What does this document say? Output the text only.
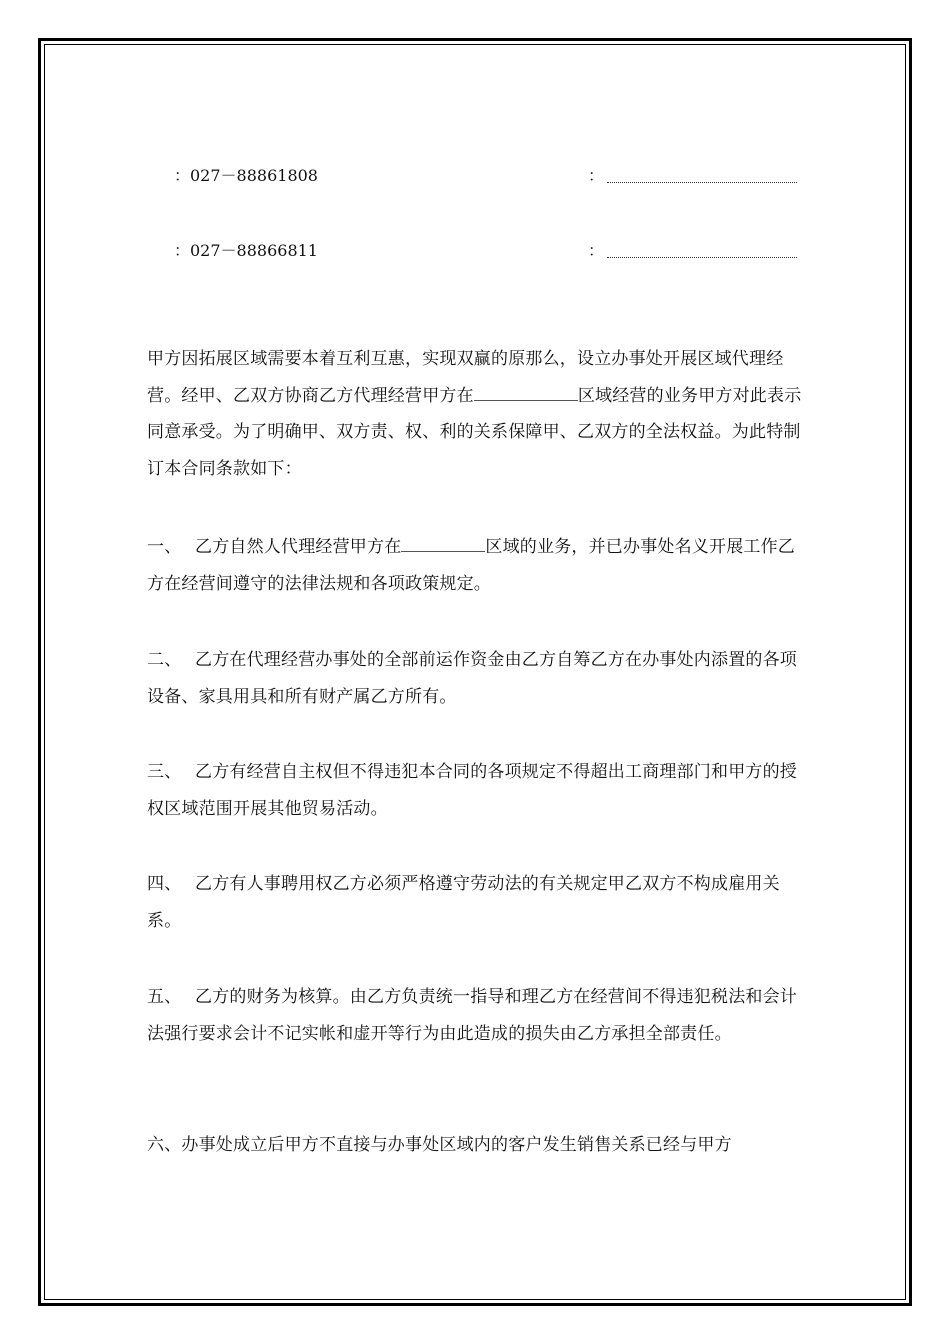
：027－88861808	：
：027－88866811	：
甲方因拓展区域需要本着互利互惠，实现双赢的原那么，设立办事处开展区域代理经营。经甲、乙双方协商乙方代理经营甲方在	区域经营的业务甲方对此表示同意承受。为了明确甲、双方责、权、利的关系保障甲、乙双方的全法权益。为此特制订本合同条款如下：
一、 乙方自然人代理经营甲方在	区域的业务，并已办事处名义开展工作乙方在经营间遵守的法律法规和各项政策规定。
二、 乙方在代理经营办事处的全部前运作资金由乙方自筹乙方在办事处内添置的各项设备、家具用具和所有财产属乙方所有。
三、 乙方有经营自主权但不得违犯本合同的各项规定不得超出工商理部门和甲方的授权区域范围开展其他贸易活动。
四、 乙方有人事聘用权乙方必须严格遵守劳动法的有关规定甲乙双方不构成雇用关系。
五、 乙方的财务为核算。由乙方负责统一指导和理乙方在经营间不得违犯税法和会计法强行要求会计不记实帐和虚开等行为由此造成的损失由乙方承担全部责任。
六、办事处成立后甲方不直接与办事处区域内的客户发生销售关系已经与甲方
